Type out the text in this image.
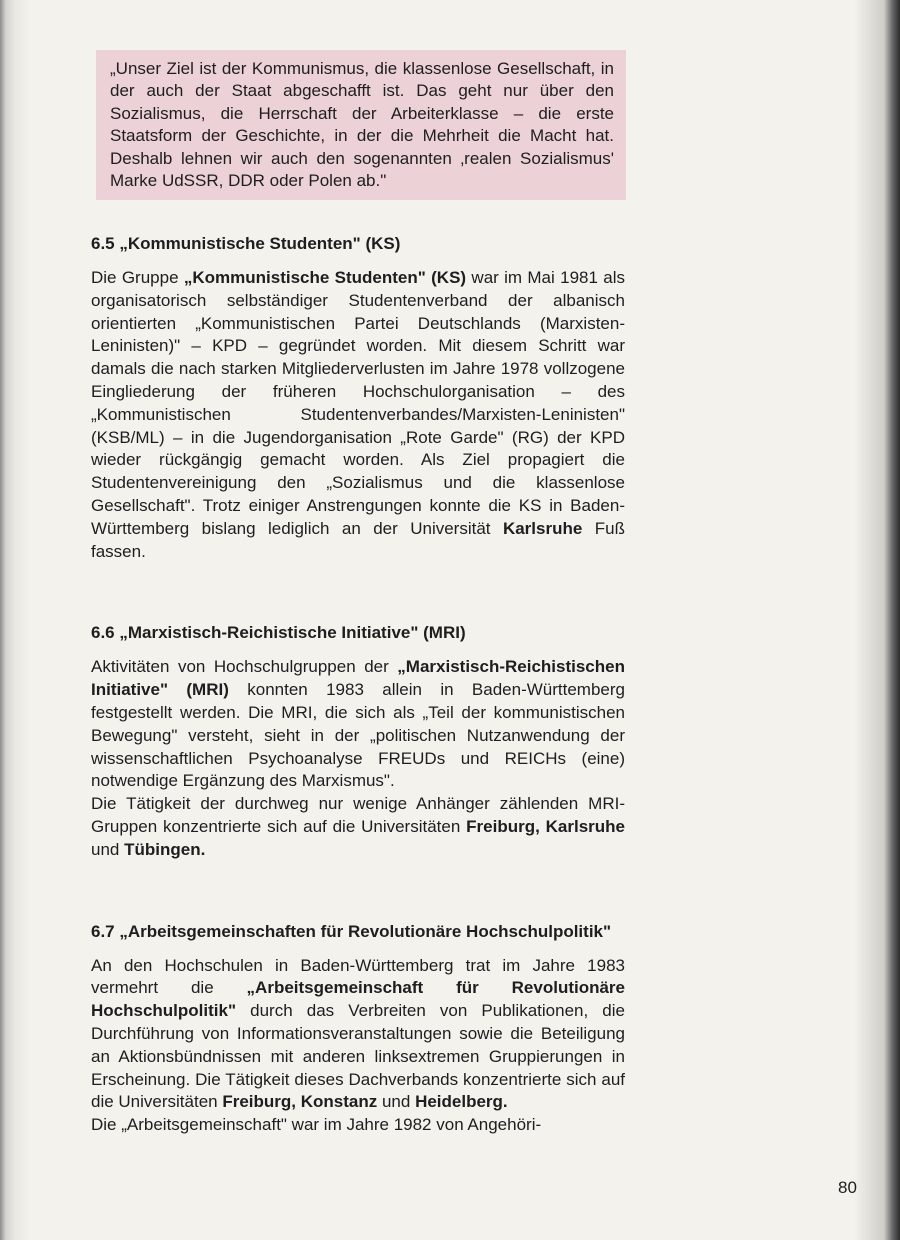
„Unser Ziel ist der Kommunismus, die klassenlose Gesellschaft, in der auch der Staat abgeschafft ist. Das geht nur über den Sozialismus, die Herrschaft der Arbeiterklasse – die erste Staatsform der Geschichte, in der die Mehrheit die Macht hat. Deshalb lehnen wir auch den sogenannten ‚realen Sozialismus' Marke UdSSR, DDR oder Polen ab."

6.5 „Kommunistische Studenten" (KS)

Die Gruppe „Kommunistische Studenten" (KS) war im Mai 1981 als organisatorisch selbständiger Studentenverband der albanisch orientierten „Kommunistischen Partei Deutschlands (Marxisten-Leninisten)" – KPD – gegründet worden. Mit diesem Schritt war damals die nach starken Mitgliederverlusten im Jahre 1978 vollzogene Eingliederung der früheren Hochschulorganisation – des „Kommunistischen Studentenverbandes/Marxisten-Leninisten" (KSB/ML) – in die Jugendorganisation „Rote Garde" (RG) der KPD wieder rückgängig gemacht worden. Als Ziel propagiert die Studentenvereinigung den „Sozialismus und die klassenlose Gesellschaft". Trotz einiger Anstrengungen konnte die KS in Baden-Württemberg bislang lediglich an der Universität Karlsruhe Fuß fassen.

6.6 „Marxistisch-Reichistische Initiative" (MRI)

Aktivitäten von Hochschulgruppen der „Marxistisch-Reichistischen Initiative" (MRI) konnten 1983 allein in Baden-Württemberg festgestellt werden. Die MRI, die sich als „Teil der kommunistischen Bewegung" versteht, sieht in der „politischen Nutzanwendung der wissenschaftlichen Psychoanalyse FREUDs und REICHs (eine) notwendige Ergänzung des Marxismus".

Die Tätigkeit der durchweg nur wenige Anhänger zählenden MRI-Gruppen konzentrierte sich auf die Universitäten Freiburg, Karlsruhe und Tübingen.

6.7 „Arbeitsgemeinschaften für Revolutionäre Hochschulpolitik"

An den Hochschulen in Baden-Württemberg trat im Jahre 1983 vermehrt die „Arbeitsgemeinschaft für Revolutionäre Hochschulpolitik" durch das Verbreiten von Publikationen, die Durchführung von Informationsveranstaltungen sowie die Beteiligung an Aktionsbündnissen mit anderen linksextremen Gruppierungen in Erscheinung. Die Tätigkeit dieses Dachverbands konzentrierte sich auf die Universitäten Freiburg, Konstanz und Heidelberg.

Die „Arbeitsgemeinschaft" war im Jahre 1982 von Angehöri-

80
